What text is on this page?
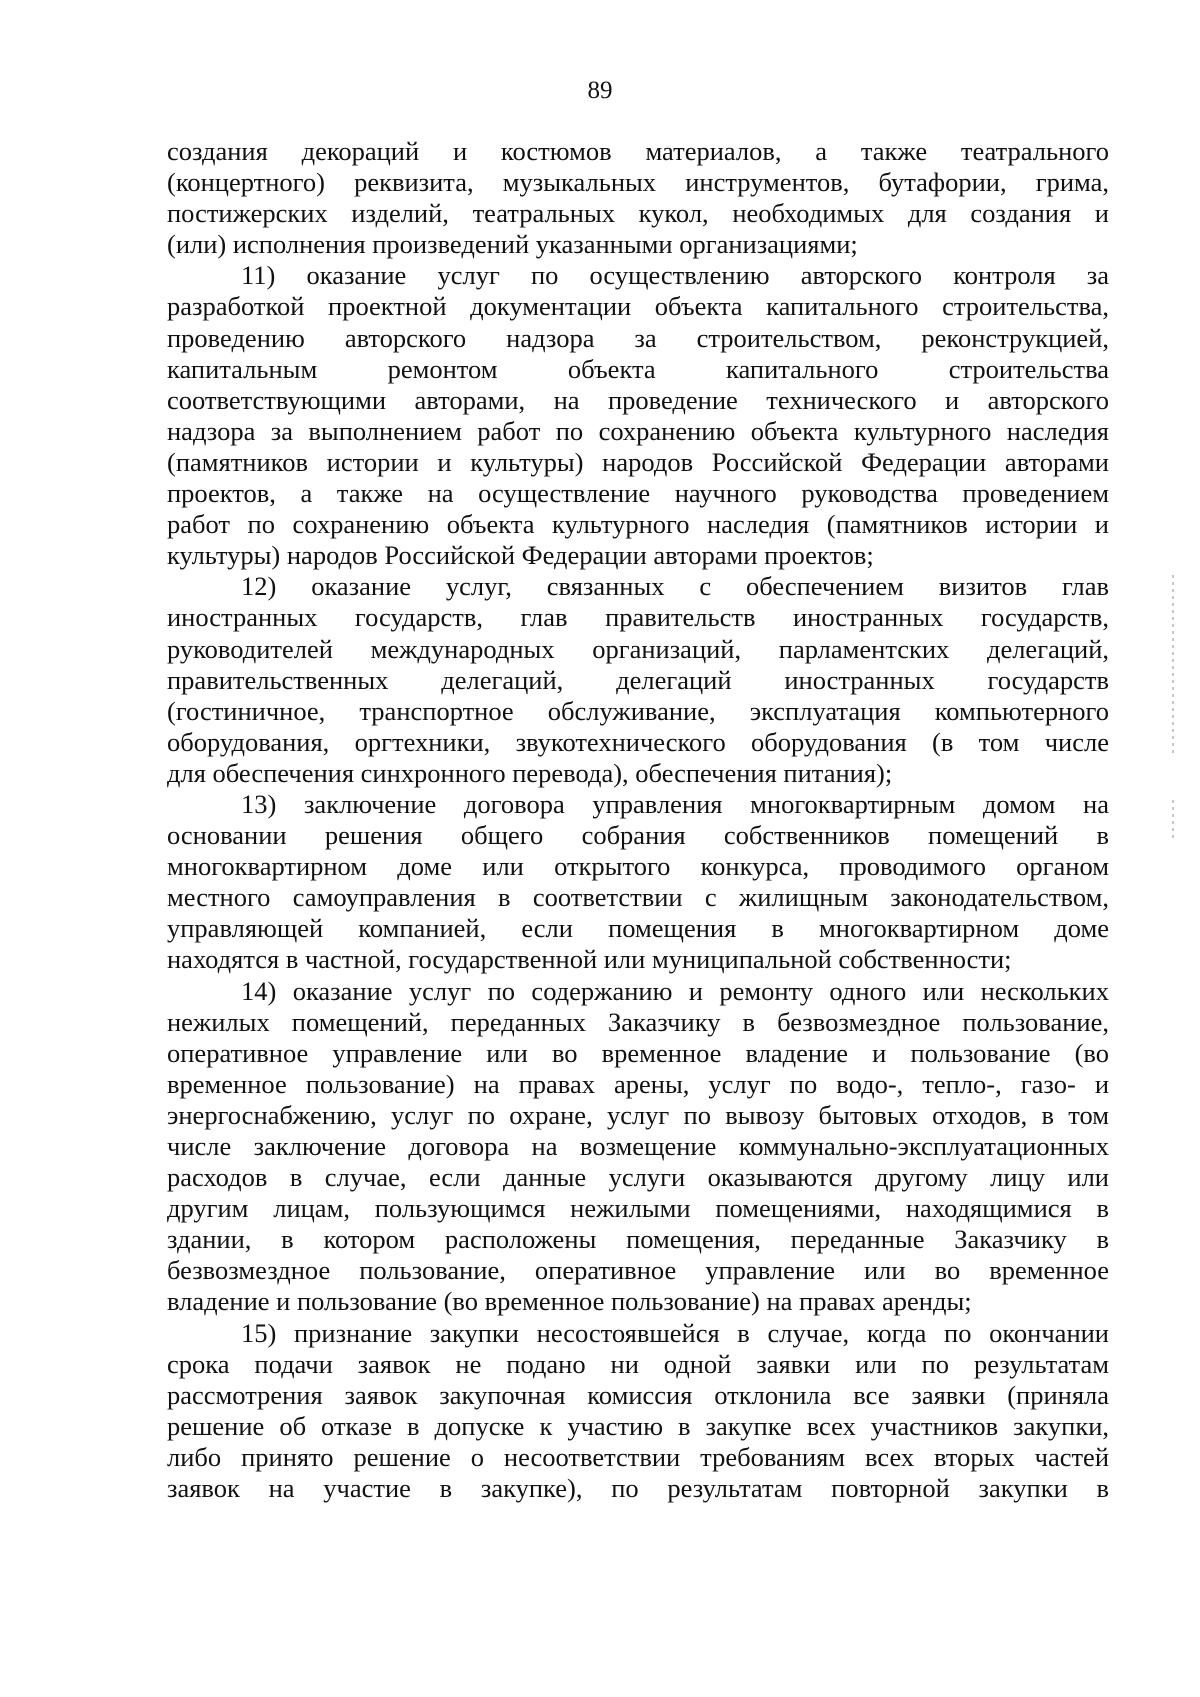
89
создания декораций и костюмов материалов, а также театрального
(концертного) реквизита, музыкальных инструментов, бутафории, грима,
постижерских изделий, театральных кукол, необходимых для создания и
(или) исполнения произведений указанными организациями;
11) оказание услуг по осуществлению авторского контроля за
разработкой проектной документации объекта капитального строительства,
проведению авторского надзора за строительством, реконструкцией,
капитальным ремонтом объекта капитального строительства
соответствующими авторами, на проведение технического и авторского
надзора за выполнением работ по сохранению объекта культурного наследия
(памятников истории и культуры) народов Российской Федерации авторами
проектов, а также на осуществление научного руководства проведением
работ по сохранению объекта культурного наследия (памятников истории и
культуры) народов Российской Федерации авторами проектов;
12) оказание услуг, связанных с обеспечением визитов глав
иностранных государств, глав правительств иностранных государств,
руководителей международных организаций, парламентских делегаций,
правительственных делегаций, делегаций иностранных государств
(гостиничное, транспортное обслуживание, эксплуатация компьютерного
оборудования, оргтехники, звукотехнического оборудования (в том числе
для обеспечения синхронного перевода), обеспечения питания);
13) заключение договора управления многоквартирным домом на
основании решения общего собрания собственников помещений в
многоквартирном доме или открытого конкурса, проводимого органом
местного самоуправления в соответствии с жилищным законодательством,
управляющей компанией, если помещения в многоквартирном доме
находятся в частной, государственной или муниципальной собственности;
14) оказание услуг по содержанию и ремонту одного или нескольких
нежилых помещений, переданных Заказчику в безвозмездное пользование,
оперативное управление или во временное владение и пользование (во
временное пользование) на правах арены, услуг по водо-, тепло-, газо- и
энергоснабжению, услуг по охране, услуг по вывозу бытовых отходов, в том
числе заключение договора на возмещение коммунально-эксплуатационных
расходов в случае, если данные услуги оказываются другому лицу или
другим лицам, пользующимся нежилыми помещениями, находящимися в
здании, в котором расположены помещения, переданные Заказчику в
безвозмездное пользование, оперативное управление или во временное
владение и пользование (во временное пользование) на правах аренды;
15) признание закупки несостоявшейся в случае, когда по окончании
срока подачи заявок не подано ни одной заявки или по результатам
рассмотрения заявок закупочная комиссия отклонила все заявки (приняла
решение об отказе в допуске к участию в закупке всех участников закупки,
либо принято решение о несоответствии требованиям всех вторых частей
заявок на участие в закупке), по результатам повторной закупки в
